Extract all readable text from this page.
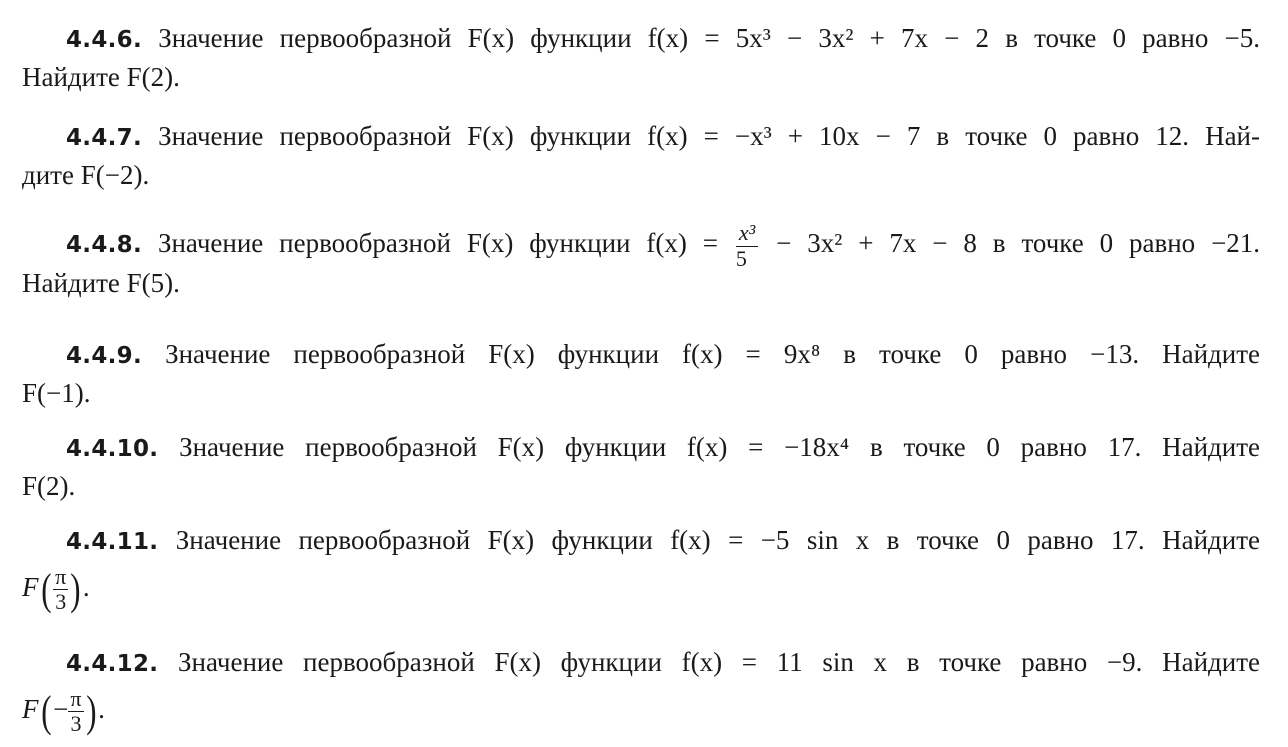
4.4.6. Значение первообразной F(x) функции f(x) = 5x³ − 3x² + 7x − 2 в точке 0 равно −5.
Найдите F(2).
4.4.7. Значение первообразной F(x) функции f(x) = −x³ + 10x − 7 в точке 0 равно 12. Най-
дите F(−2).
4.4.8. Значение первообразной F(x) функции $f(x) = \frac{\text{x³}}{5} - 3x^2 + 7x - 8$ в точке 0 равно −21.
Найдите F(5).
4.4.9. Значение первообразной F(x) функции f(x) = 9x⁸ в точке 0 равно −13. Найдите
F(−1).
4.4.10. Значение первообразной F(x) функции f(x) = −18x⁴ в точке 0 равно 17. Найдите
F(2).
4.4.11. Значение первообразной F(x) функции f(x) = −5 sin x в точке 0 равно 17. Найдите
$F( \frac{\pi}{3}$ ).
4.4.12. Значение первообразной F(x) функции f(x) = 11 sin x в точке равно −9. Найдите
$F(- \frac{\pi}{3}$ ).
